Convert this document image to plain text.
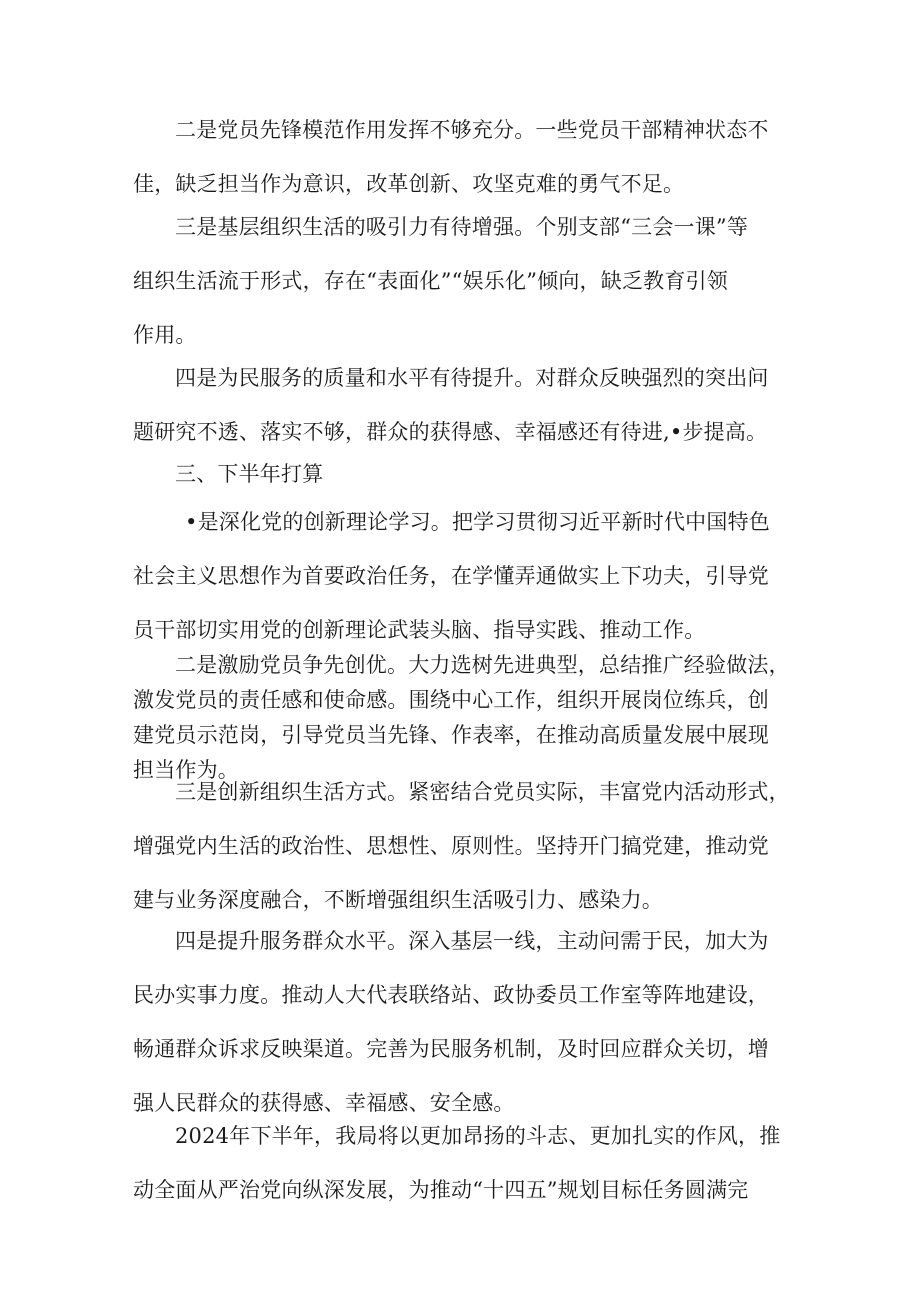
二是党员先锋模范作用发挥不够充分。一些党员干部精神状态不
佳，缺乏担当作为意识，改革创新、攻坚克难的勇气不足。

三是基层组织生活的吸引力有待增强。个别支部“三会一课”等
组织生活流于形式，存在“表面化”“娱乐化”倾向，缺乏教育引领
作用。

四是为民服务的质量和水平有待提升。对群众反映强烈的突出问
题研究不透、落实不够，群众的获得感、幸福感还有待进,•步提高。

三、下半年打算

•是深化党的创新理论学习。把学习贯彻习近平新时代中国特色
社会主义思想作为首要政治任务，在学懂弄通做实上下功夫，引导党
员干部切实用党的创新理论武装头脑、指导实践、推动工作。

二是激励党员争先创优。大力选树先进典型，总结推广经验做法，
激发党员的责任感和使命感。围绕中心工作，组织开展岗位练兵，创
建党员示范岗，引导党员当先锋、作表率，在推动高质量发展中展现
担当作为。

三是创新组织生活方式。紧密结合党员实际，丰富党内活动形式，
增强党内生活的政治性、思想性、原则性。坚持开门搞党建，推动党
建与业务深度融合，不断增强组织生活吸引力、感染力。

四是提升服务群众水平。深入基层一线，主动问需于民，加大为
民办实事力度。推动人大代表联络站、政协委员工作室等阵地建设，
畅通群众诉求反映渠道。完善为民服务机制，及时回应群众关切，增
强人民群众的获得感、幸福感、安全感。

2024年下半年，我局将以更加昂扬的斗志、更加扎实的作风，推
动全面从严治党向纵深发展，为推动“十四五”规划目标任务圆满完
